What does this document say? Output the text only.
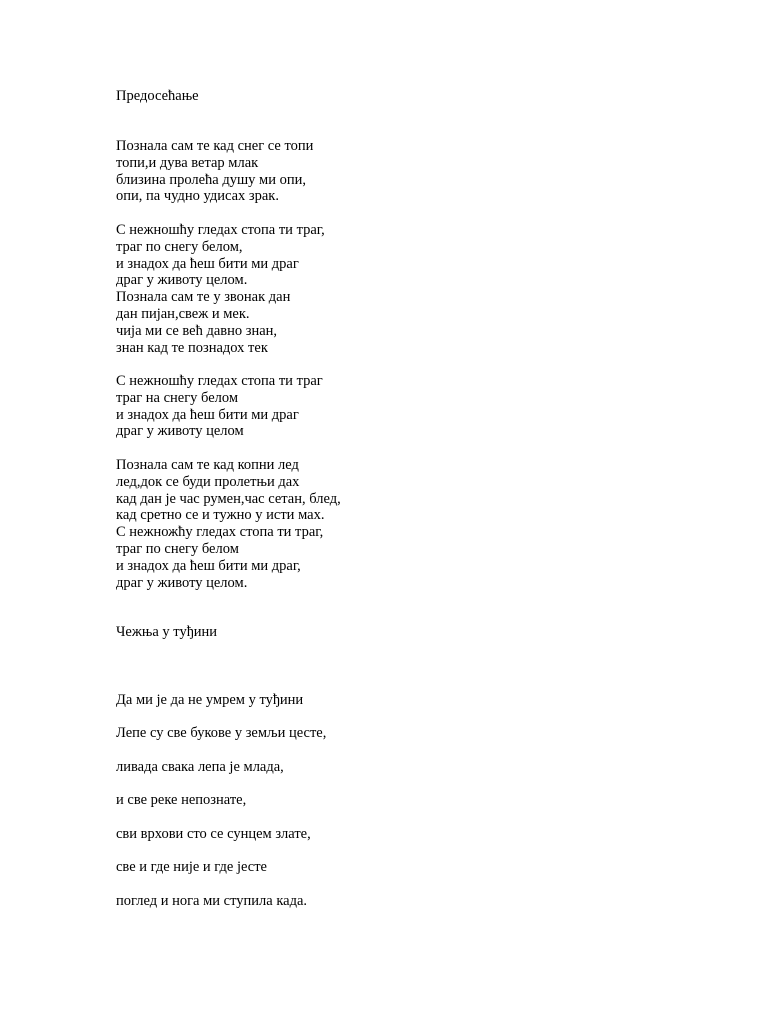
Предосећање
Познала сам те кад снег се топи
топи,и дува ветар млак
близина пролећа душу ми опи,
опи, па чудно удисах зрак.
С нежношћу гледах стопа ти траг,
траг по снегу белом,
и знадох да ћеш бити ми драг
драг у животу целом.
Познала сам те у звонак дан
дан пијан,свеж и мек.
чија ми се већ давно знан,
знан кад те познадох тек
С нежношћу гледах стопа ти траг
траг на снегу белом
и знадох да ћеш бити ми драг
драг у животу целом
Познала сам те кад копни лед
лед,док се буди пролетњи дах
кад дан је час румен,час сетан, блед,
кад сретно се и тужно у исти мах.
С нежножћу гледах стопа ти траг,
траг по снегу белом
и знадох да ћеш бити ми драг,
драг у животу целом.
Чежња у туђини

Да ми је да не умрем у туђини

Лепе су све букове у земљи цесте,

ливада свака лепа је млада,

и све реке непознате,

сви врхови сто се сунцем злате,

све и где није и где јесте

поглед и нога ми ступила када.
